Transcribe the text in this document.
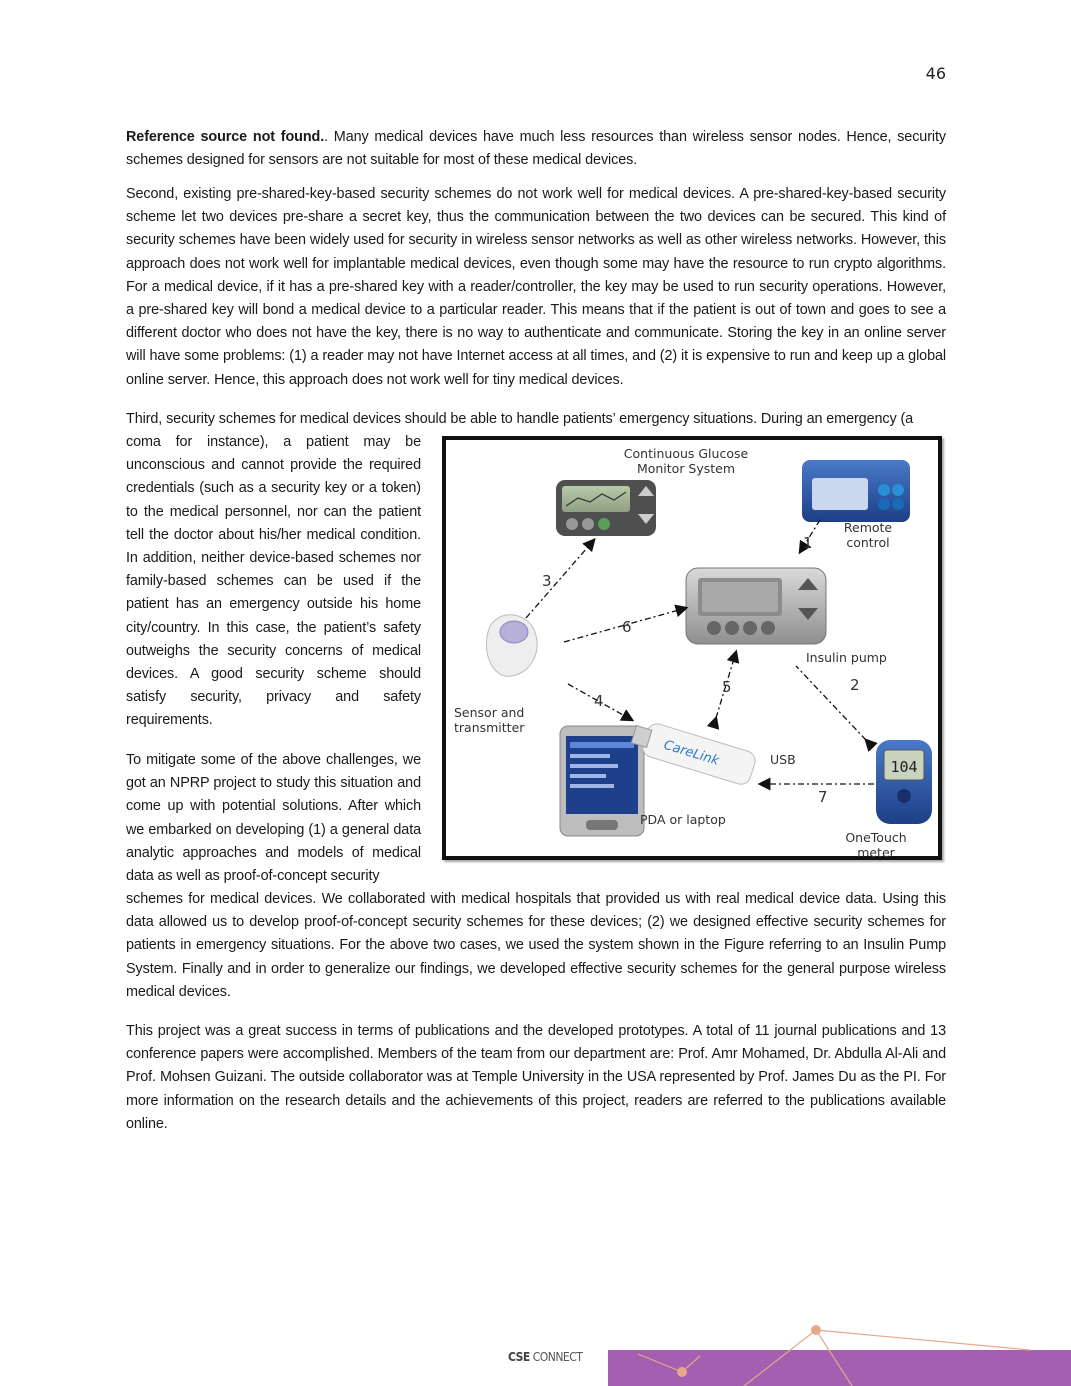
46

Reference source not found.. Many medical devices have much less resources than wireless sensor nodes. Hence, security schemes designed for sensors are not suitable for most of these medical devices.

Second, existing pre-shared-key-based security schemes do not work well for medical devices. A pre-shared-key-based security scheme let two devices pre-share a secret key, thus the communication between the two devices can be secured. This kind of security schemes have been widely used for security in wireless sensor networks as well as other wireless networks. However, this approach does not work well for implantable medical devices, even though some may have the resource to run crypto algorithms. For a medical device, if it has a pre-shared key with a reader/controller, the key may be used to run security operations. However, a pre-shared key will bond a medical device to a particular reader. This means that if the patient is out of town and goes to see a different doctor who does not have the key, there is no way to authenticate and communicate. Storing the key in an online server will have some problems: (1) a reader may not have Internet access at all times, and (2) it is expensive to run and keep up a global online server. Hence, this approach does not work well for tiny medical devices.

Third, security schemes for medical devices should be able to handle patients’ emergency situations. During an emergency (a

coma for instance), a patient may be unconscious and cannot provide the required credentials (such as a security key or a token) to the medical personnel, nor can the patient tell the doctor about his/her medical condition. In addition, neither device-based schemes nor family-based schemes can be used if the patient has an emergency outside his home city/country. In this case, the patient’s safety outweighs the security concerns of medical devices. A good security scheme should satisfy security, privacy and safety requirements.

To mitigate some of the above challenges, we got an NPRP project to study this situation and come up with potential solutions. After which we embarked on developing (1) a general data analytic approaches and models of medical data as well as proof-of-concept security

schemes for medical devices. We collaborated with medical hospitals that provided us with real medical device data. Using this data allowed us to develop proof-of-concept security schemes for these devices; (2) we designed effective security schemes for patients in emergency situations. For the above two cases, we used the system shown in the Figure referring to an Insulin Pump System. Finally and in order to generalize our findings, we developed effective security schemes for the general purpose wireless medical devices.

This project was a great success in terms of publications and the developed prototypes. A total of 11 journal publications and 13 conference papers were accomplished. Members of the team from our department are: Prof. Amr Mohamed, Dr. Abdulla Al-Ali and Prof. Mohsen Guizani. The outside collaborator was at Temple University in the USA represented by Prof. James Du as the PI. For more information on the research details and the achievements of this project, readers are referred to the publications available online.

CareLink	104
Continuous Glucose
Monitor System
Remote
control
Insulin pump
Sensor and
transmitter
USB
PDA or laptop
OneTouch
meter
1
2
3
4
5
6
7
CSE CONNECT
